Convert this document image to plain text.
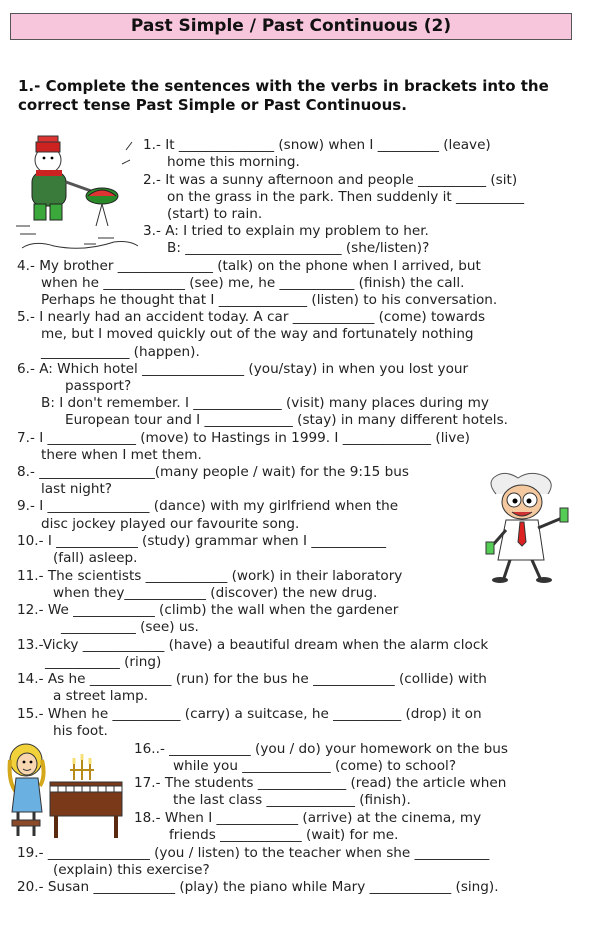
Past Simple / Past Continuous (2)
1.- Complete the sentences with the verbs in brackets into the
correct tense Past Simple or Past Continuous.
1.- It ______________ (snow) when I _________ (leave)
home this morning.
2.- It was a sunny afternoon and people __________ (sit)
on the grass in the park. Then suddenly it __________
(start) to rain.
3.- A: I tried to explain my problem to her.
B: _______________________ (she/listen)?
4.- My brother ______________ (talk) on the phone when I arrived, but
when he ____________ (see) me, he ___________ (finish) the call.
Perhaps he thought that I _____________ (listen) to his conversation.
5.- I nearly had an accident today. A car ____________ (come) towards
me, but I moved quickly out of the way and fortunately nothing
_____________ (happen).
6.- A: Which hotel _______________ (you/stay) in when you lost your
passport?
B: I don't remember. I _____________ (visit) many places during my
European tour and I _____________ (stay) in many different hotels.
7.- I _____________ (move) to Hastings in 1999. I _____________ (live)
there when I met them.
8.- _________________(many people / wait) for the 9:15 bus
last night?
9.- I _______________ (dance) with my girlfriend when the
disc jockey played our favourite song.
10.- I ____________ (study) grammar when I ___________
(fall) asleep.
11.- The scientists ____________ (work) in their laboratory
when they____________ (discover) the new drug.
12.- We ____________ (climb) the wall when the gardener
___________ (see) us.
13.-Vicky ____________ (have) a beautiful dream when the alarm clock
___________ (ring)
14.- As he ____________ (run) for the bus he ____________ (collide) with
a street lamp.
15.- When he __________ (carry) a suitcase, he __________ (drop) it on
his foot.
16..- ____________ (you / do) your homework on the bus
while you _____________ (come) to school?
17.- The students _____________ (read) the article when
the last class _____________ (finish).
18.- When I ____________ (arrive) at the cinema, my
friends ____________ (wait) for me.
19.- _______________ (you / listen) to the teacher when she ___________
(explain) this exercise?
20.- Susan ____________ (play) the piano while Mary ____________ (sing).
